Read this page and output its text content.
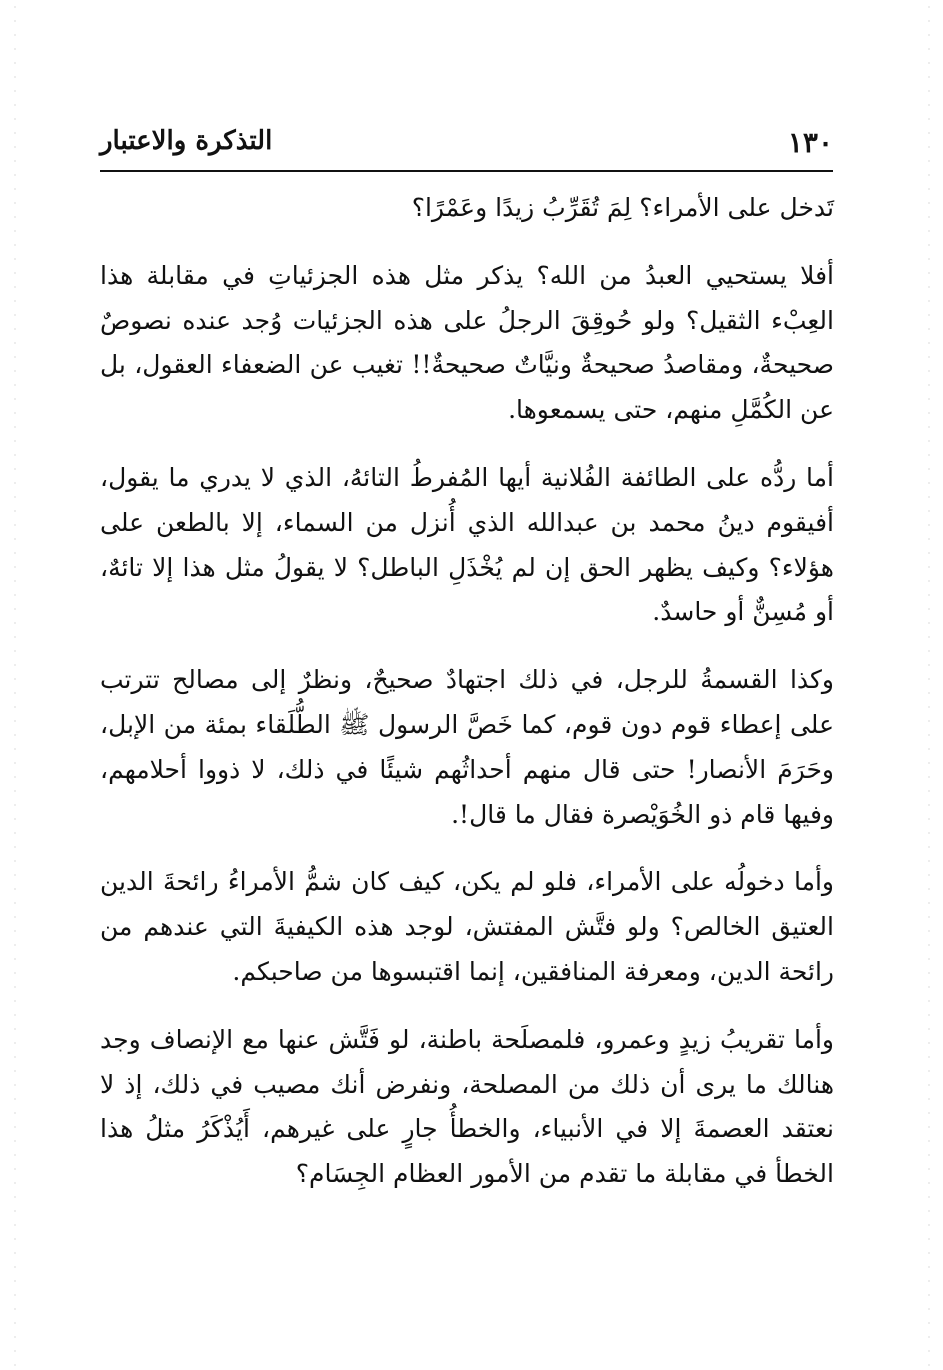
١٣٠
التذكرة والاعتبار

تَدخل على الأمراء؟ لِمَ تُقَرِّبُ زيدًا وعَمْرًا؟

أفلا يستحيي العبدُ من الله؟ يذكر مثل هذه الجزئياتِ في مقابلة هذا العِبْء الثقيل؟ ولو حُوقِقَ الرجلُ على هذه الجزئيات وُجد عنده نصوصٌ صحيحةٌ، ومقاصدُ صحيحةٌ ونيَّاتٌ صحيحةٌ!! تغيب عن الضعفاء العقول، بل عن الكُمَّلِ منهم، حتى يسمعوها.

أما ردُّه على الطائفة الفُلانية أيها المُفرطُ التائهُ، الذي لا يدري ما يقول، أفيقوم دينُ محمد بن عبدالله الذي أُنزل من السماء، إلا بالطعن على هؤلاء؟ وكيف يظهر الحق إن لم يُخْذَلِ الباطل؟ لا يقولُ مثل هذا إلا تائهٌ، أو مُسِنٌّ أو حاسدٌ.

وكذا القسمةُ للرجل، في ذلك اجتهادٌ صحيحٌ، ونظرٌ إلى مصالح تترتب على إعطاء قوم دون قوم، كما خَصَّ الرسول ﷺ الطُّلَقاء بمئة من الإبل، وحَرَمَ الأنصار! حتى قال منهم أحداثُهم شيئًا في ذلك، لا ذووا أحلامهم، وفيها قام ذو الخُوَيْصرة فقال ما قال!.

وأما دخولُه على الأمراء، فلو لم يكن، كيف كان شمُّ الأمراءُ رائحةَ الدين العتيق الخالص؟ ولو فتَّش المفتش، لوجد هذه الكيفيةَ التي عندهم من رائحة الدين، ومعرفة المنافقين، إنما اقتبسوها من صاحبكم.

وأما تقريبُ زيدٍ وعمرو، فلمصلَحة باطنة، لو فَتَّش عنها مع الإنصاف وجد هنالك ما يرى أن ذلك من المصلحة، ونفرض أنك مصيب في ذلك، إذ لا نعتقد العصمةَ إلا في الأنبياء، والخطأُ جارٍ على غيرهم، أَيُذْكَرُ مثلُ هذا الخطأ في مقابلة ما تقدم من الأمور العظام الجِسَام؟
